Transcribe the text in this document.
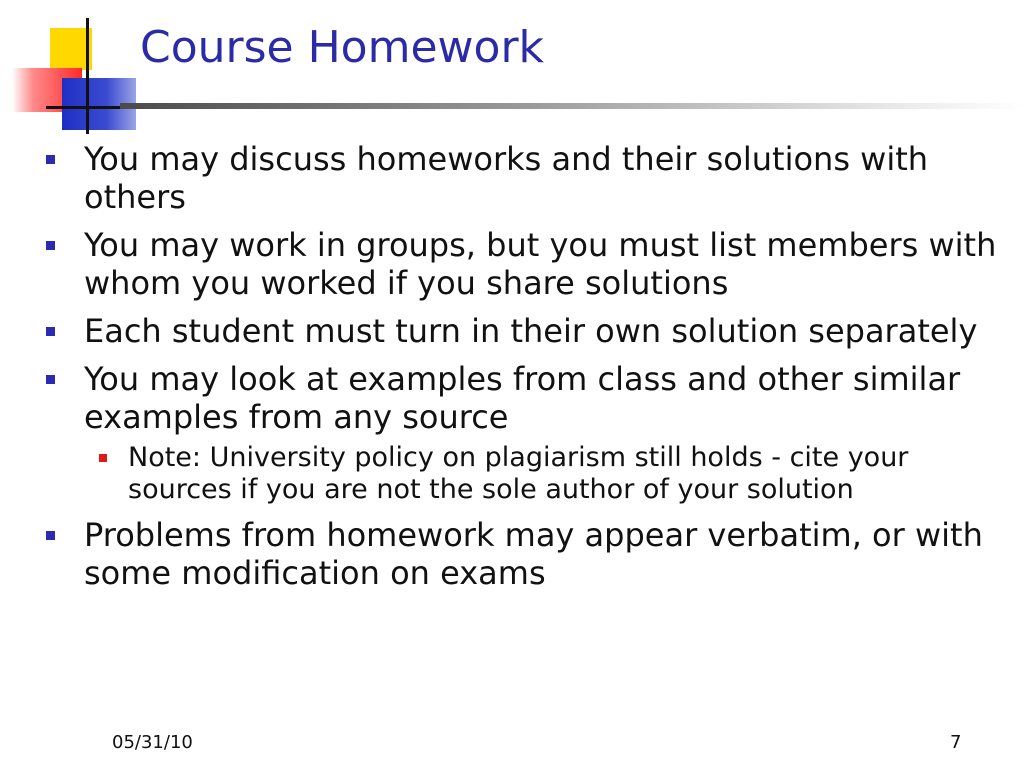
Course Homework
You may discuss homeworks and their solutions with others
You may work in groups, but you must list members with whom you worked if you share solutions
Each student must turn in their own solution separately
You may look at examples from class and other similar examples from any source
Note: University policy on plagiarism still holds - cite your sources if you are not the sole author of your solution
Problems from homework may appear verbatim, or with some modification on exams
05/31/10	7
